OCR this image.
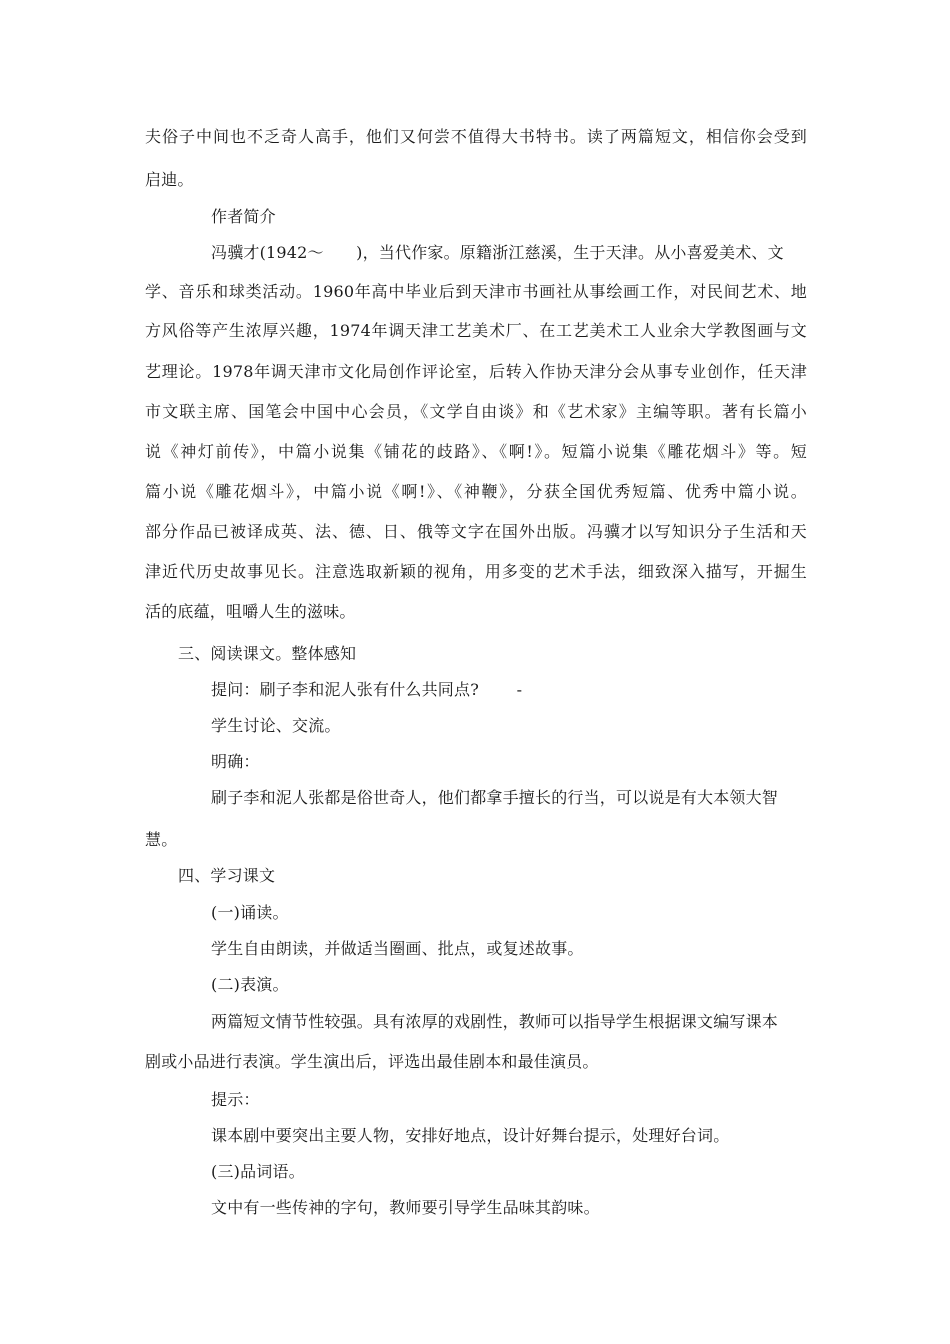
夫俗子中间也不乏奇人高手，他们又何尝不值得大书特书。读了两篇短文，相信你会受到
启迪。
作者简介
冯骥才(1942～　　)，当代作家。原籍浙江慈溪，生于天津。从小喜爱美术、文
学、音乐和球类活动。1960年高中毕业后到天津市书画社从事绘画工作，对民间艺术、地
方风俗等产生浓厚兴趣，1974年调天津工艺美术厂、在工艺美术工人业余大学教图画与文
艺理论。1978年调天津市文化局创作评论室，后转入作协天津分会从事专业创作，任天津
市文联主席、国笔会中国中心会员，《文学自由谈》和《艺术家》主编等职。著有长篇小
说《神灯前传》，中篇小说集《铺花的歧路》、《啊!》。短篇小说集《雕花烟斗》等。短
篇小说《雕花烟斗》，中篇小说《啊!》、《神鞭》，分获全国优秀短篇、优秀中篇小说。
部分作品已被译成英、法、德、日、俄等文字在国外出版。冯骥才以写知识分子生活和天
津近代历史故事见长。注意选取新颖的视角，用多变的艺术手法，细致深入描写，开掘生
活的底蕴，咀嚼人生的滋味。
三、阅读课文。整体感知
提问：刷子李和泥人张有什么共同点?　　 -
学生讨论、交流。
明确：
刷子李和泥人张都是俗世奇人，他们都拿手擅长的行当，可以说是有大本领大智
慧。
四、学习课文
(一)诵读。
学生自由朗读，并做适当圈画、批点，或复述故事。
(二)表演。
两篇短文情节性较强。具有浓厚的戏剧性，教师可以指导学生根据课文编写课本
剧或小品进行表演。学生演出后，评选出最佳剧本和最佳演员。
提示：
课本剧中要突出主要人物，安排好地点，设计好舞台提示，处理好台词。
(三)品词语。
文中有一些传神的字句，教师要引导学生品味其韵味。
